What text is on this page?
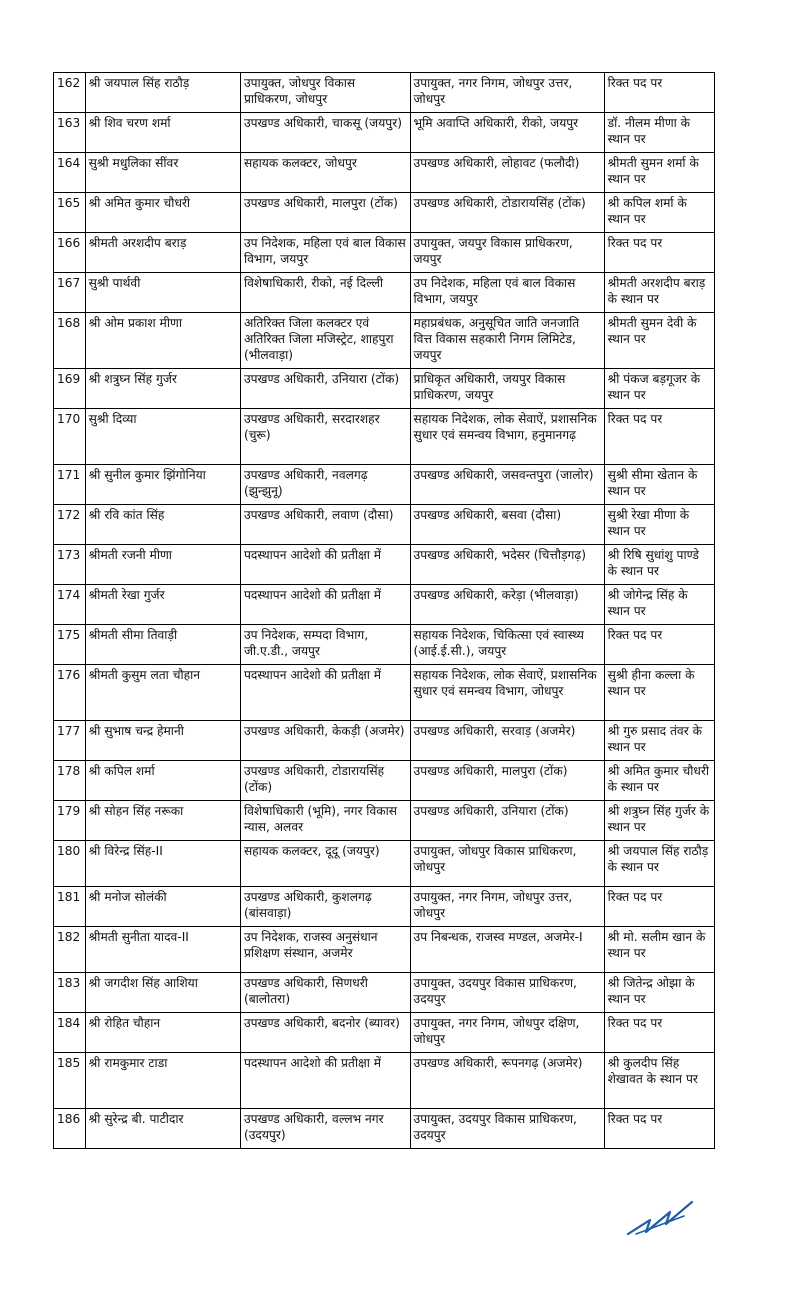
162	श्री जयपाल सिंह राठौड़	उपायुक्त, जोधपुर विकास प्राधिकरण, जोधपुर	उपायुक्त, नगर निगम, जोधपुर उत्तर, जोधपुर	रिक्त पद पर
163	श्री शिव चरण शर्मा	उपखण्ड अधिकारी, चाकसू (जयपुर)	भूमि अवाप्ति अधिकारी, रीको, जयपुर	डॉ. नीलम मीणा के स्थान पर
164	सुश्री मधुलिका सींवर	सहायक कलक्टर, जोधपुर	उपखण्ड अधिकारी, लोहावट (फलौदी)	श्रीमती सुमन शर्मा के स्थान पर
165	श्री अमित कुमार चौधरी	उपखण्ड अधिकारी, मालपुरा (टोंक)	उपखण्ड अधिकारी, टोडारायसिंह (टोंक)	श्री कपिल शर्मा के स्थान पर
166	श्रीमती अरशदीप बराड़	उप निदेशक, महिला एवं बाल विकास विभाग, जयपुर	उपायुक्त, जयपुर विकास प्राधिकरण, जयपुर	रिक्त पद पर
167	सुश्री पार्थवी	विशेषाधिकारी, रीको, नई दिल्ली	उप निदेशक, महिला एवं बाल विकास विभाग, जयपुर	श्रीमती अरशदीप बराड़ के स्थान पर
168	श्री ओम प्रकाश मीणा	अतिरिक्त जिला कलक्टर एवं अतिरिक्त जिला मजिस्ट्रेट, शाहपुरा (भीलवाड़ा)	महाप्रबंधक, अनुसूचित जाति जनजाति वित्त विकास सहकारी निगम लिमिटेड, जयपुर	श्रीमती सुमन देवी के स्थान पर
169	श्री शत्रुघ्न सिंह गुर्जर	उपखण्ड अधिकारी, उनियारा (टोंक)	प्राधिकृत अधिकारी, जयपुर विकास प्राधिकरण, जयपुर	श्री पंकज बड़गूजर के स्थान पर
170	सुश्री दिव्या	उपखण्ड अधिकारी, सरदारशहर (चुरू)	सहायक निदेशक, लोक सेवाऐं, प्रशासनिक सुधार एवं समन्वय विभाग, हनुमानगढ़	रिक्त पद पर
171	श्री सुनील कुमार झिंगोनिया	उपखण्ड अधिकारी, नवलगढ़ (झुन्झुनू)	उपखण्ड अधिकारी, जसवन्तपुरा (जालोर)	सुश्री सीमा खेतान के स्थान पर
172	श्री रवि कांत सिंह	उपखण्ड अधिकारी, लवाण (दौसा)	उपखण्ड अधिकारी, बसवा (दौसा)	सुश्री रेखा मीणा के स्थान पर
173	श्रीमती रजनी मीणा	पदस्थापन आदेशो की प्रतीक्षा में	उपखण्ड अधिकारी, भदेसर (चित्तौड़गढ़)	श्री रिषि सुधांशु पाण्डे के स्थान पर
174	श्रीमती रेखा गुर्जर	पदस्थापन आदेशो की प्रतीक्षा में	उपखण्ड अधिकारी, करेड़ा (भीलवाड़ा)	श्री जोगेन्द्र सिंह के स्थान पर
175	श्रीमती सीमा तिवाड़ी	उप निदेशक, सम्पदा विभाग, जी.ए.डी., जयपुर	सहायक निदेशक, चिकित्सा एवं स्वास्थ्य (आई.ई.सी.), जयपुर	रिक्त पद पर
176	श्रीमती कुसुम लता चौहान	पदस्थापन आदेशो की प्रतीक्षा में	सहायक निदेशक, लोक सेवाऐं, प्रशासनिक सुधार एवं समन्वय विभाग, जोधपुर	सुश्री हीना कल्ला के स्थान पर
177	श्री सुभाष चन्द्र हेमानी	उपखण्ड अधिकारी, केकड़ी (अजमेर)	उपखण्ड अधिकारी, सरवाड़ (अजमेर)	श्री गुरु प्रसाद तंवर के स्थान पर
178	श्री कपिल शर्मा	उपखण्ड अधिकारी, टोडारायसिंह (टोंक)	उपखण्ड अधिकारी, मालपुरा (टोंक)	श्री अमित कुमार चौधरी के स्थान पर
179	श्री सोहन सिंह नरूका	विशेषाधिकारी (भूमि), नगर विकास न्यास, अलवर	उपखण्ड अधिकारी, उनियारा (टोंक)	श्री शत्रुघ्न सिंह गुर्जर के स्थान पर
180	श्री विरेन्द्र सिंह-II	सहायक कलक्टर, दूदू (जयपुर)	उपायुक्त, जोधपुर विकास प्राधिकरण, जोधपुर	श्री जयपाल सिंह राठौड़ के स्थान पर
181	श्री मनोज सोलंकी	उपखण्ड अधिकारी, कुशलगढ़ (बांसवाड़ा)	उपायुक्त, नगर निगम, जोधपुर उत्तर, जोधपुर	रिक्त पद पर
182	श्रीमती सुनीता यादव-II	उप निदेशक, राजस्व अनुसंधान प्रशिक्षण संस्थान, अजमेर	उप निबन्धक, राजस्व मण्डल, अजमेर-I	श्री मो. सलीम खान के स्थान पर
183	श्री जगदीश सिंह आशिया	उपखण्ड अधिकारी, सिणधरी (बालोतरा)	उपायुक्त, उदयपुर विकास प्राधिकरण, उदयपुर	श्री जितेन्द्र ओझा के स्थान पर
184	श्री रोहित चौहान	उपखण्ड अधिकारी, बदनोर (ब्यावर)	उपायुक्त, नगर निगम, जोधपुर दक्षिण, जोधपुर	रिक्त पद पर
185	श्री रामकुमार टाडा	पदस्थापन आदेशो की प्रतीक्षा में	उपखण्ड अधिकारी, रूपनगढ़ (अजमेर)	श्री कुलदीप सिंह शेखावत के स्थान पर
186	श्री सुरेन्द्र बी. पाटीदार	उपखण्ड अधिकारी, वल्लभ नगर (उदयपुर)	उपायुक्त, उदयपुर विकास प्राधिकरण, उदयपुर	रिक्त पद पर
